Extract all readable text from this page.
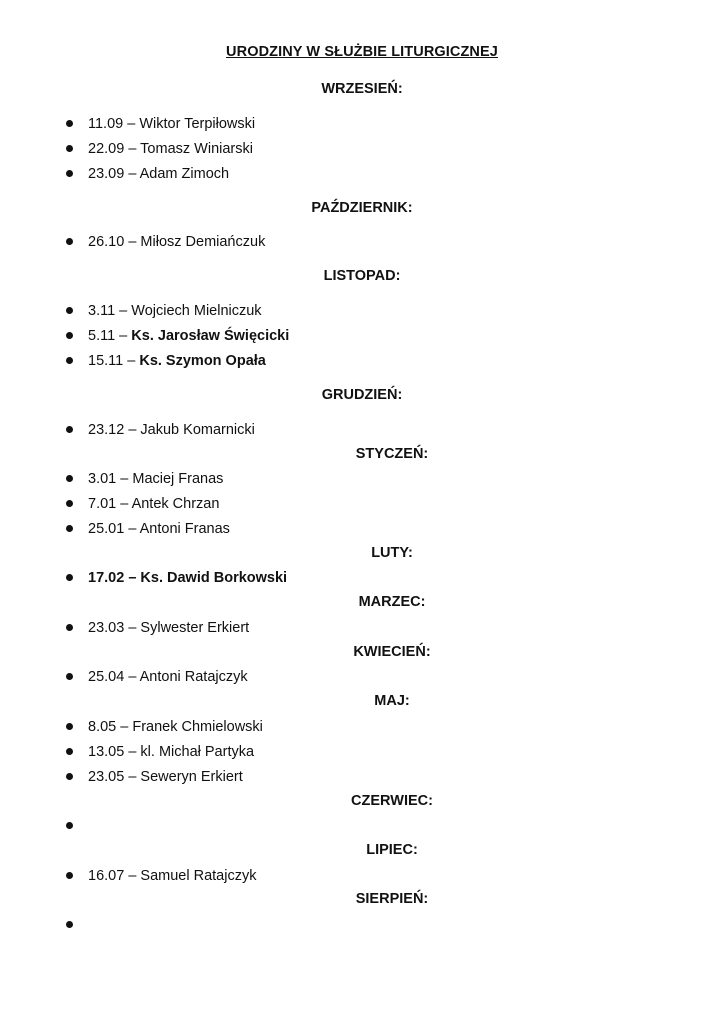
URODZINY W SŁUŻBIE LITURGICZNEJ
WRZESIEŃ:
11.09 – Wiktor Terpiłowski
22.09 – Tomasz Winiarski
23.09 – Adam Zimoch
PAŹDZIERNIK:
26.10 – Miłosz Demiańczuk
LISTOPAD:
3.11 – Wojciech Mielniczuk
5.11 – Ks. Jarosław Święcicki
15.11 – Ks. Szymon Opała
GRUDZIEŃ:
23.12 – Jakub Komarnicki
STYCZEŃ:
3.01 – Maciej Franas
7.01 – Antek Chrzan
25.01 – Antoni Franas
LUTY:
17.02 – Ks. Dawid Borkowski
MARZEC:
23.03 – Sylwester Erkiert
KWIECIEŃ:
25.04 – Antoni Ratajczyk
MAJ:
8.05 – Franek Chmielowski
13.05 – kl. Michał Partyka
23.05 – Seweryn Erkiert
CZERWIEC:
LIPIEC:
16.07 – Samuel Ratajczyk
SIERPIEŃ:
